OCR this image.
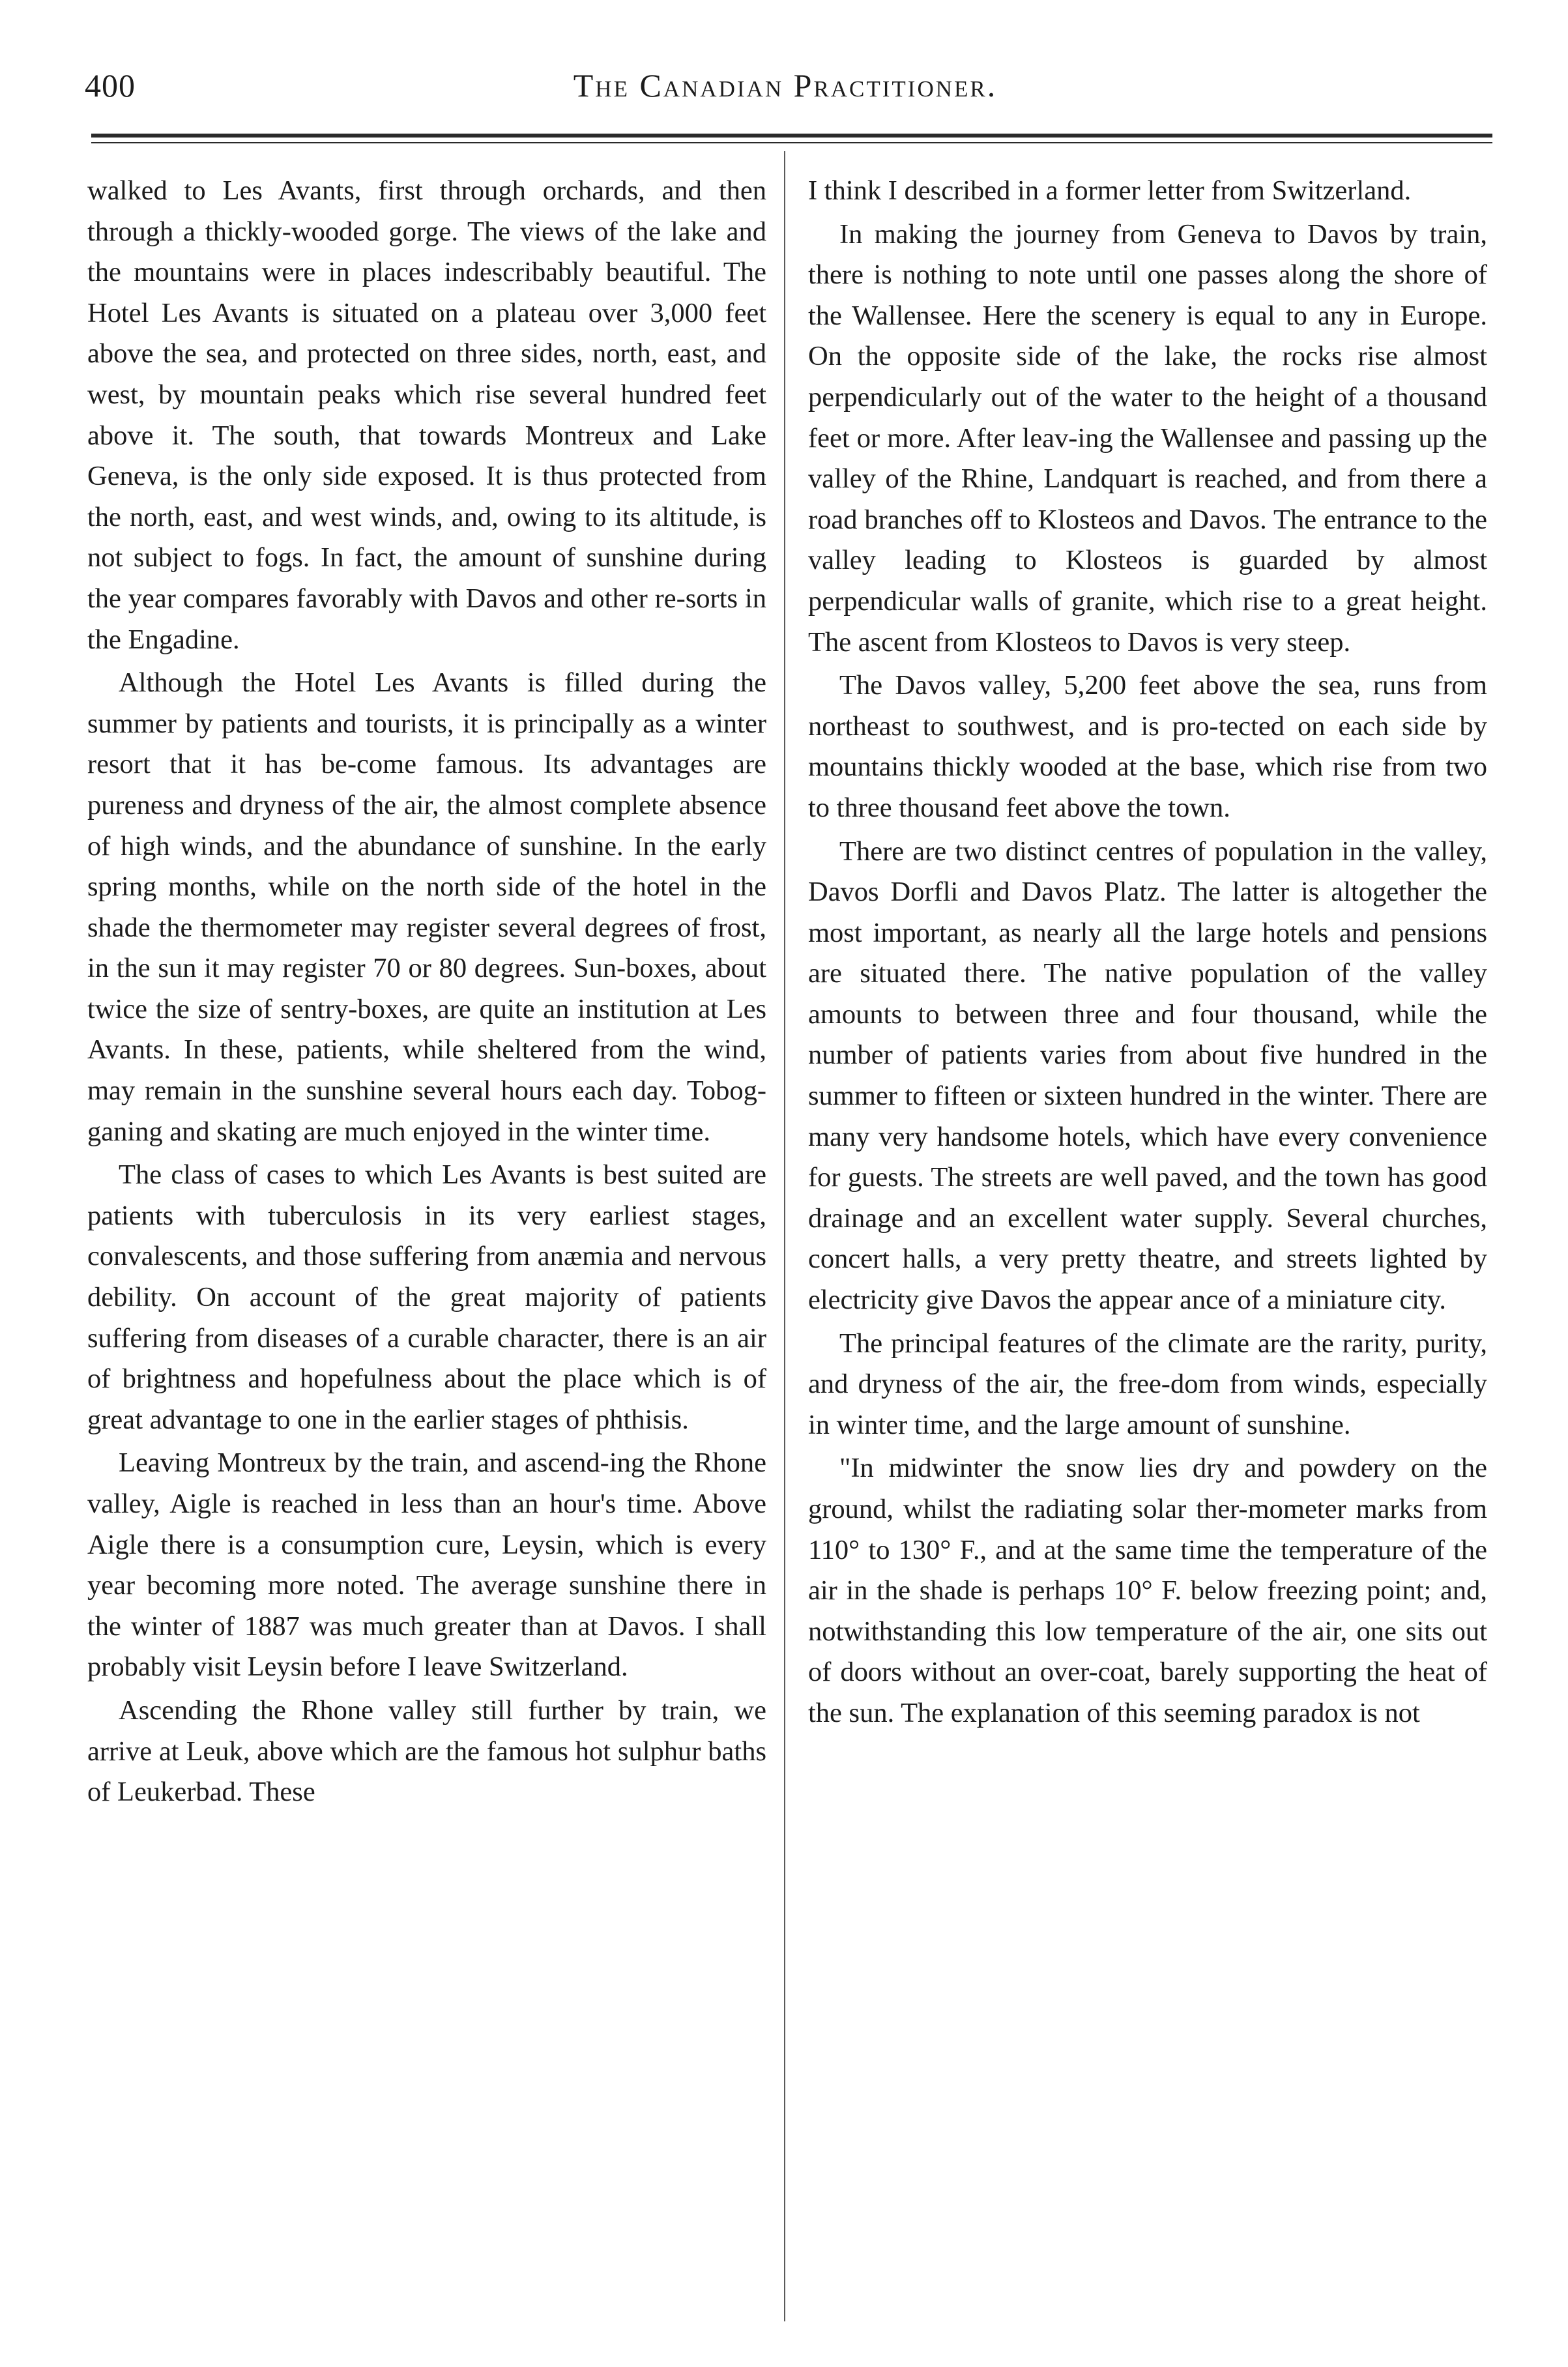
400	The Canadian Practitioner.

walked to Les Avants, first through orchards, and then through a thickly-wooded gorge. The views of the lake and the mountains were in places indescribably beautiful. The Hotel Les Avants is situated on a plateau over 3,000 feet above the sea, and protected on three sides, north, east, and west, by mountain peaks which rise several hundred feet above it. The south, that towards Montreux and Lake Geneva, is the only side exposed. It is thus protected from the north, east, and west winds, and, owing to its altitude, is not subject to fogs. In fact, the amount of sunshine during the year compares favorably with Davos and other re-sorts in the Engadine.

Although the Hotel Les Avants is filled during the summer by patients and tourists, it is principally as a winter resort that it has be-come famous. Its advantages are pureness and dryness of the air, the almost complete absence of high winds, and the abundance of sunshine. In the early spring months, while on the north side of the hotel in the shade the thermometer may register several degrees of frost, in the sun it may register 70 or 80 degrees. Sun-boxes, about twice the size of sentry-boxes, are quite an institution at Les Avants. In these, patients, while sheltered from the wind, may remain in the sunshine several hours each day. Tobog-ganing and skating are much enjoyed in the winter time.

The class of cases to which Les Avants is best suited are patients with tuberculosis in its very earliest stages, convalescents, and those suffering from anæmia and nervous debility. On account of the great majority of patients suffering from diseases of a curable character, there is an air of brightness and hopefulness about the place which is of great advantage to one in the earlier stages of phthisis.

Leaving Montreux by the train, and ascend-ing the Rhone valley, Aigle is reached in less than an hour's time. Above Aigle there is a consumption cure, Leysin, which is every year becoming more noted. The average sunshine there in the winter of 1887 was much greater than at Davos. I shall probably visit Leysin before I leave Switzerland.

Ascending the Rhone valley still further by train, we arrive at Leuk, above which are the famous hot sulphur baths of Leukerbad. These

I think I described in a former letter from Switzerland.

In making the journey from Geneva to Davos by train, there is nothing to note until one passes along the shore of the Wallensee. Here the scenery is equal to any in Europe. On the opposite side of the lake, the rocks rise almost perpendicularly out of the water to the height of a thousand feet or more. After leav-ing the Wallensee and passing up the valley of the Rhine, Landquart is reached, and from there a road branches off to Klosteos and Davos. The entrance to the valley leading to Klosteos is guarded by almost perpendicular walls of granite, which rise to a great height. The ascent from Klosteos to Davos is very steep.

The Davos valley, 5,200 feet above the sea, runs from northeast to southwest, and is pro-tected on each side by mountains thickly wooded at the base, which rise from two to three thousand feet above the town.

There are two distinct centres of population in the valley, Davos Dorfli and Davos Platz. The latter is altogether the most important, as nearly all the large hotels and pensions are situated there. The native population of the valley amounts to between three and four thousand, while the number of patients varies from about five hundred in the summer to fifteen or sixteen hundred in the winter. There are many very handsome hotels, which have every convenience for guests. The streets are well paved, and the town has good drainage and an excellent water supply. Several churches, concert halls, a very pretty theatre, and streets lighted by electricity give Davos the appear ance of a miniature city.

The principal features of the climate are the rarity, purity, and dryness of the air, the free-dom from winds, especially in winter time, and the large amount of sunshine.

"In midwinter the snow lies dry and powdery on the ground, whilst the radiating solar ther-mometer marks from 110° to 130° F., and at the same time the temperature of the air in the shade is perhaps 10° F. below freezing point; and, notwithstanding this low temperature of the air, one sits out of doors without an over-coat, barely supporting the heat of the sun. The explanation of this seeming paradox is not
